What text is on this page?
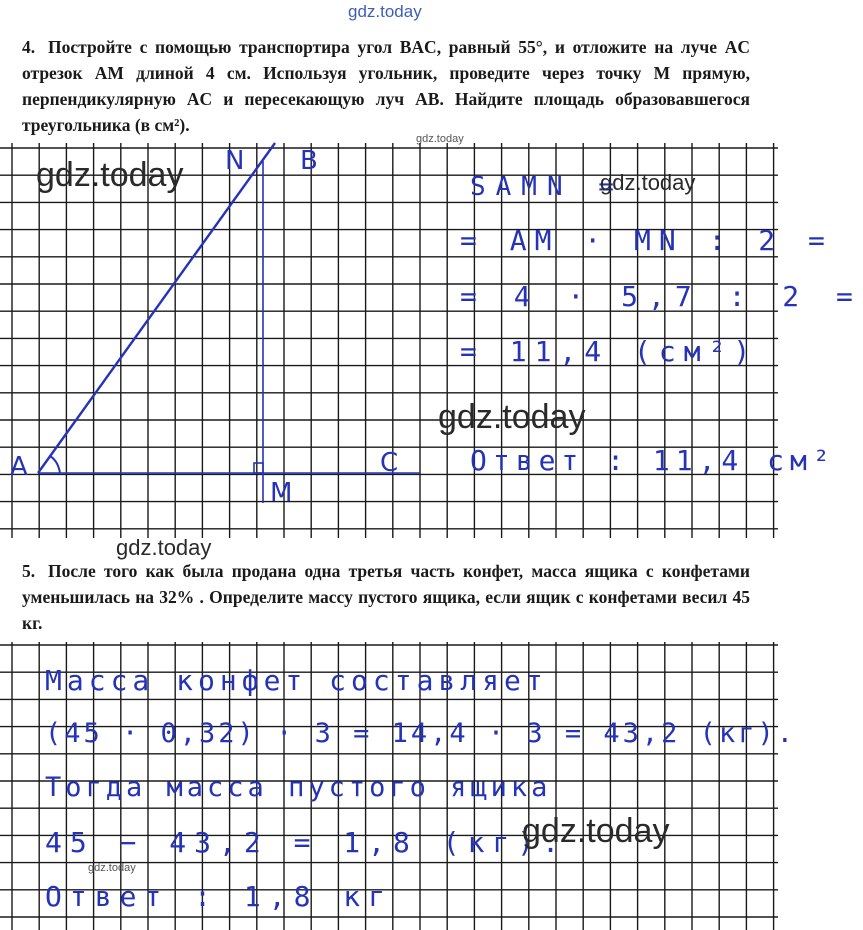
gdz.today
gdz.today
4. Постройте с помощью транспортира угол BAC, равный 55°, и отложите на луче AC отрезок AM длиной 4 см. Используя угольник, проведите через точку M прямую, перпендикулярную AC и пересекающую луч AB. Найдите площадь образовавшегося треугольника (в см²).
A
B
C
M
N
SAMN =
= AM · MN : 2 =
= 4 · 5,7 : 2 =
= 11,4 (см²)
Ответ : 11,4 см²
gdz.today	gdz.today
gdz.today
gdz.today
5. После того как была продана одна третья часть конфет, масса ящика с конфетами уменьшилась на 32% . Определите массу пустого ящика, если ящик с конфетами весил 45 кг.
Масса конфет составляет
(45 · 0,32) · 3 = 14,4 · 3 = 43,2 (кг).
Тогда масса пустого ящика
45 − 43,2 = 1,8 (кг).
Ответ : 1,8 кг
gdz.today
gdz.today
